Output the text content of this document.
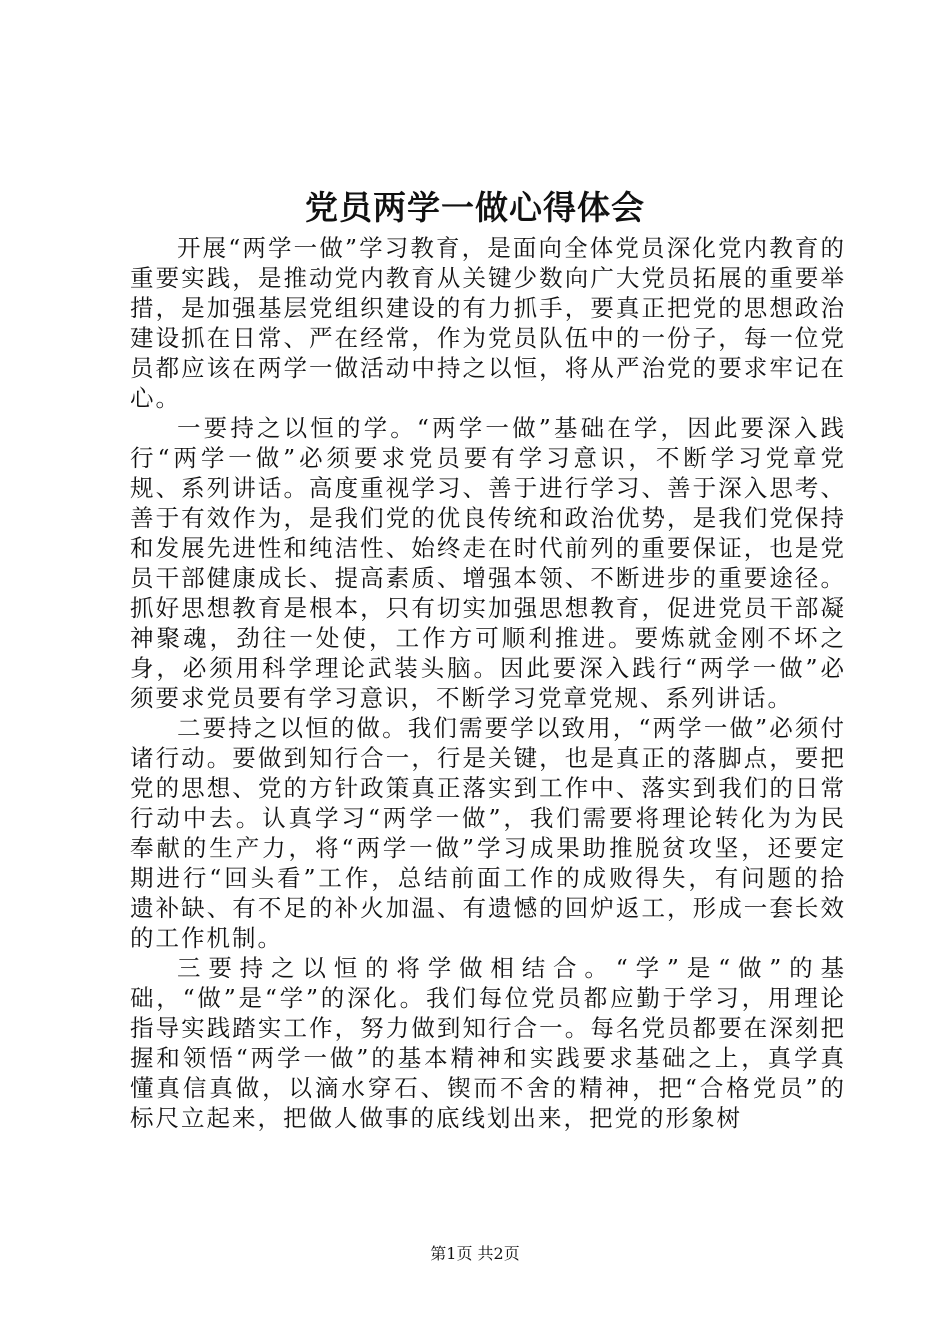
党员两学一做心得体会

开展“两学一做”学习教育，是面向全体党员深化党内教育的重要实践，是推动党内教育从关键少数向广大党员拓展的重要举措，是加强基层党组织建设的有力抓手，要真正把党的思想政治建设抓在日常、严在经常，作为党员队伍中的一份子，每一位党员都应该在两学一做活动中持之以恒，将从严治党的要求牢记在心。

一要持之以恒的学。“两学一做”基础在学，因此要深入践行“两学一做”必须要求党员要有学习意识，不断学习党章党规、系列讲话。高度重视学习、善于进行学习、善于深入思考、善于有效作为，是我们党的优良传统和政治优势，是我们党保持和发展先进性和纯洁性、始终走在时代前列的重要保证，也是党员干部健康成长、提高素质、增强本领、不断进步的重要途径。抓好思想教育是根本，只有切实加强思想教育，促进党员干部凝神聚魂，劲往一处使，工作方可顺利推进。要炼就金刚不坏之身，必须用科学理论武装头脑。因此要深入践行“两学一做”必须要求党员要有学习意识，不断学习党章党规、系列讲话。

二要持之以恒的做。我们需要学以致用，“两学一做”必须付诸行动。要做到知行合一，行是关键，也是真正的落脚点，要把党的思想、党的方针政策真正落实到工作中、落实到我们的日常行动中去。认真学习“两学一做”，我们需要将理论转化为为民奉献的生产力，将“两学一做”学习成果助推脱贫攻坚，还要定期进行“回头看”工作，总结前面工作的成败得失，有问题的拾遗补缺、有不足的补火加温、有遗憾的回炉返工，形成一套长效的工作机制。

三要持之以恒的将学做相结合。“学”是“做”的基础，“做”是“学”的深化。我们每位党员都应勤于学习，用理论指导实践踏实工作，努力做到知行合一。每名党员都要在深刻把握和领悟“两学一做”的基本精神和实践要求基础之上，真学真懂真信真做，以滴水穿石、锲而不舍的精神，把“合格党员”的标尺立起来，把做人做事的底线划出来，把党的形象树

第1页 共2页
